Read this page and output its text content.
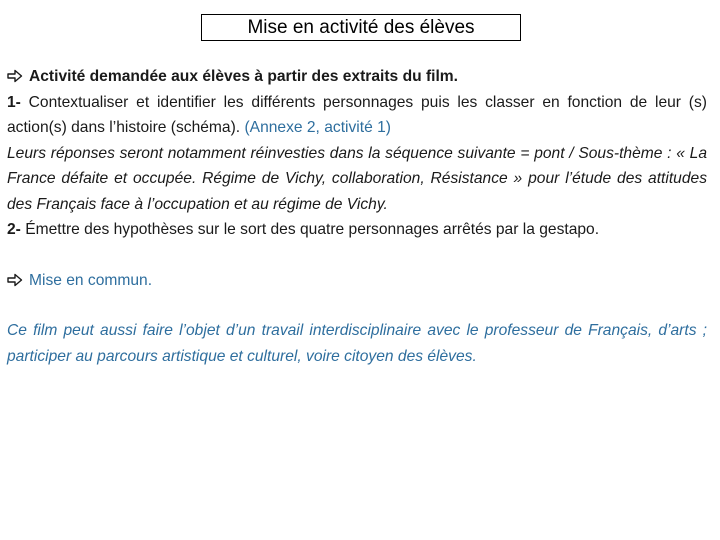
Mise en activité des élèves

Activité demandée aux élèves à partir des extraits du film.

1- Contextualiser et identifier les différents personnages puis les classer en fonction de leur (s) action(s) dans l’histoire (schéma). (Annexe 2, activité 1)

Leurs réponses seront notamment réinvesties dans la séquence suivante = pont / Sous-thème : « La France défaite et occupée. Régime de Vichy, collaboration, Résistance » pour l’étude des attitudes des Français face à l’occupation et au régime de Vichy.

2- Émettre des hypothèses sur le sort des quatre personnages arrêtés par la gestapo.

Mise en commun.

Ce film peut aussi faire l’objet d’un travail interdisciplinaire avec le professeur de Français, d’arts ; participer au parcours artistique et culturel, voire citoyen des élèves.
